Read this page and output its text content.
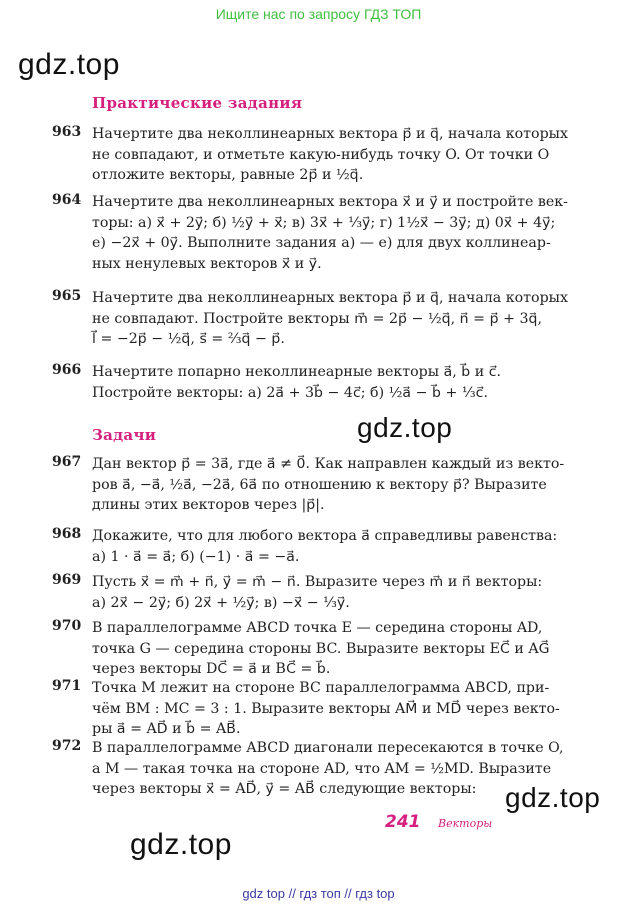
Ищите нас по запросу ГДЗ ТОП
gdz.top
gdz.top
gdz.top
gdz.top
Практические задания
963 Начертите два неколлинеарных вектора p⃗ и q⃗, начала которых
не совпадают, и отметьте какую-нибудь точку O. От точки O
отложите векторы, равные 2p⃗ и ½q⃗.
964 Начертите два неколлинеарных вектора x⃗ и y⃗ и постройте век-
торы: а) x⃗ + 2y⃗; б) ½y⃗ + x⃗; в) 3x⃗ + ⅓y⃗; г) 1½x⃗ − 3y⃗; д) 0x⃗ + 4y⃗;
е) −2x⃗ + 0y⃗. Выполните задания а) — е) для двух коллинеар-
ных ненулевых векторов x⃗ и y⃗.
965 Начертите два неколлинеарных вектора p⃗ и q⃗, начала которых
не совпадают. Постройте векторы m⃗ = 2p⃗ − ½q⃗, n⃗ = p⃗ + 3q⃗,
l⃗ = −2p⃗ − ½q⃗, s⃗ = ⅔q⃗ − p⃗.
966 Начертите попарно неколлинеарные векторы a⃗, b⃗ и c⃗.
Постройте векторы: а) 2a⃗ + 3b⃗ − 4c⃗; б) ½a⃗ − b⃗ + ⅓c⃗.
Задачи
967 Дан вектор p⃗ = 3a⃗, где a⃗ ≠ 0⃗. Как направлен каждый из векто-
ров a⃗, −a⃗, ½a⃗, −2a⃗, 6a⃗ по отношению к вектору p⃗? Выразите
длины этих векторов через |p⃗|.
968 Докажите, что для любого вектора a⃗ справедливы равенства:
а) 1 · a⃗ = a⃗; б) (−1) · a⃗ = −a⃗.
969 Пусть x⃗ = m⃗ + n⃗, y⃗ = m⃗ − n⃗. Выразите через m⃗ и n⃗ векторы:
а) 2x⃗ − 2y⃗; б) 2x⃗ + ½y⃗; в) −x⃗ − ⅓y⃗.
970 В параллелограмме ABCD точка E — середина стороны AD,
точка G — середина стороны BC. Выразите векторы EC⃗ и AG⃗
через векторы DC⃗ = a⃗ и BC⃗ = b⃗.
971 Точка M лежит на стороне BC параллелограмма ABCD, при-
чём BM : MC = 3 : 1. Выразите векторы AM⃗ и MD⃗ через векто-
ры a⃗ = AD⃗ и b⃗ = AB⃗.
972 В параллелограмме ABCD диагонали пересекаются в точке O,
а M — такая точка на стороне AD, что AM = ½MD. Выразите
через векторы x⃗ = AD⃗, y⃗ = AB⃗ следующие векторы:
241 Векторы
gdz top // гдз топ // гдз top
